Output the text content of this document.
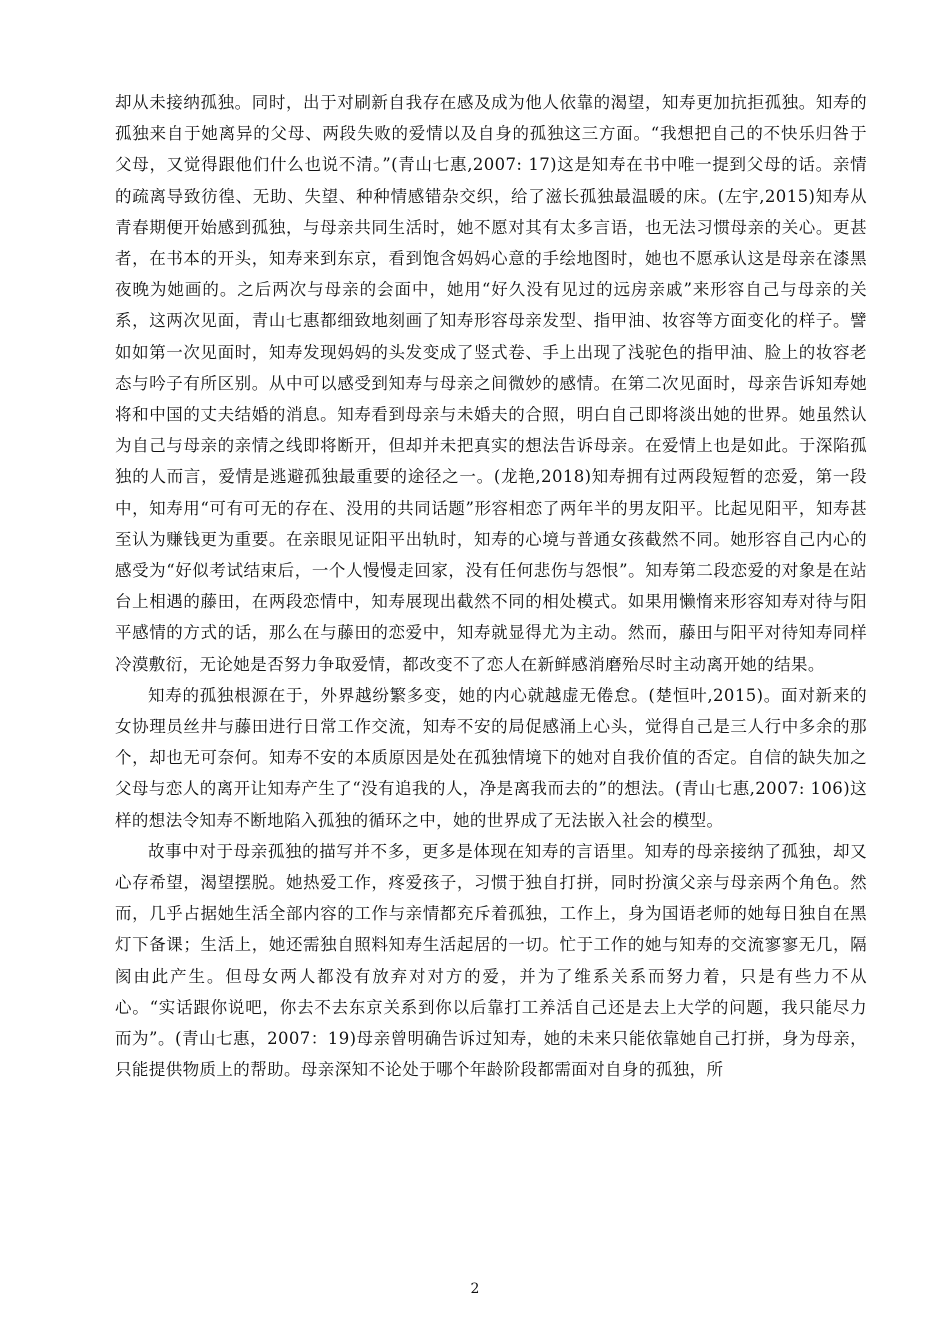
却从未接纳孤独。同时，出于对刷新自我存在感及成为他人依靠的渴望，知寿更加抗拒孤独。知寿的孤独来自于她离异的父母、两段失败的爱情以及自身的孤独这三方面。“我想把自己的不快乐归咎于父母，又觉得跟他们什么也说不清。”(青山七惠,2007: 17)这是知寿在书中唯一提到父母的话。亲情的疏离导致彷徨、无助、失望、种种情感错杂交织，给了滋长孤独最温暖的床。(左宇,2015)知寿从青春期便开始感到孤独，与母亲共同生活时，她不愿对其有太多言语，也无法习惯母亲的关心。更甚者，在书本的开头，知寿来到东京，看到饱含妈妈心意的手绘地图时，她也不愿承认这是母亲在漆黑夜晚为她画的。之后两次与母亲的会面中，她用“好久没有见过的远房亲戚”来形容自己与母亲的关系，这两次见面，青山七惠都细致地刻画了知寿形容母亲发型、指甲油、妆容等方面变化的样子。譬如如第一次见面时，知寿发现妈妈的头发变成了竖式卷、手上出现了浅驼色的指甲油、脸上的妆容老态与吟子有所区别。从中可以感受到知寿与母亲之间微妙的感情。在第二次见面时，母亲告诉知寿她将和中国的丈夫结婚的消息。知寿看到母亲与未婚夫的合照，明白自己即将淡出她的世界。她虽然认为自己与母亲的亲情之线即将断开，但却并未把真实的想法告诉母亲。在爱情上也是如此。于深陷孤独的人而言，爱情是逃避孤独最重要的途径之一。(龙艳,2018)知寿拥有过两段短暂的恋爱，第一段中，知寿用“可有可无的存在、没用的共同话题”形容相恋了两年半的男友阳平。比起见阳平，知寿甚至认为赚钱更为重要。在亲眼见证阳平出轨时，知寿的心境与普通女孩截然不同。她形容自己内心的感受为“好似考试结束后，一个人慢慢走回家，没有任何悲伤与怨恨”。知寿第二段恋爱的对象是在站台上相遇的藤田，在两段恋情中，知寿展现出截然不同的相处模式。如果用懒惰来形容知寿对待与阳平感情的方式的话，那么在与藤田的恋爱中，知寿就显得尤为主动。然而，藤田与阳平对待知寿同样冷漠敷衍，无论她是否努力争取爱情，都改变不了恋人在新鲜感消磨殆尽时主动离开她的结果。

知寿的孤独根源在于，外界越纷繁多变，她的内心就越虚无倦怠。(楚恒叶,2015)。面对新来的女协理员丝井与藤田进行日常工作交流，知寿不安的局促感涌上心头，觉得自己是三人行中多余的那个，却也无可奈何。知寿不安的本质原因是处在孤独情境下的她对自我价值的否定。自信的缺失加之父母与恋人的离开让知寿产生了“没有追我的人，净是离我而去的”的想法。(青山七惠,2007: 106)这样的想法令知寿不断地陷入孤独的循环之中，她的世界成了无法嵌入社会的模型。

故事中对于母亲孤独的描写并不多，更多是体现在知寿的言语里。知寿的母亲接纳了孤独，却又心存希望，渴望摆脱。她热爱工作，疼爱孩子，习惯于独自打拼，同时扮演父亲与母亲两个角色。然而，几乎占据她生活全部内容的工作与亲情都充斥着孤独，工作上，身为国语老师的她每日独自在黑灯下备课；生活上，她还需独自照料知寿生活起居的一切。忙于工作的她与知寿的交流寥寥无几，隔阂由此产生。但母女两人都没有放弃对对方的爱，并为了维系关系而努力着，只是有些力不从心。“实话跟你说吧，你去不去东京关系到你以后靠打工养活自己还是去上大学的问题，我只能尽力而为”。(青山七惠，2007：19)母亲曾明确告诉过知寿，她的未来只能依靠她自己打拼，身为母亲，只能提供物质上的帮助。母亲深知不论处于哪个年龄阶段都需面对自身的孤独，所

2
